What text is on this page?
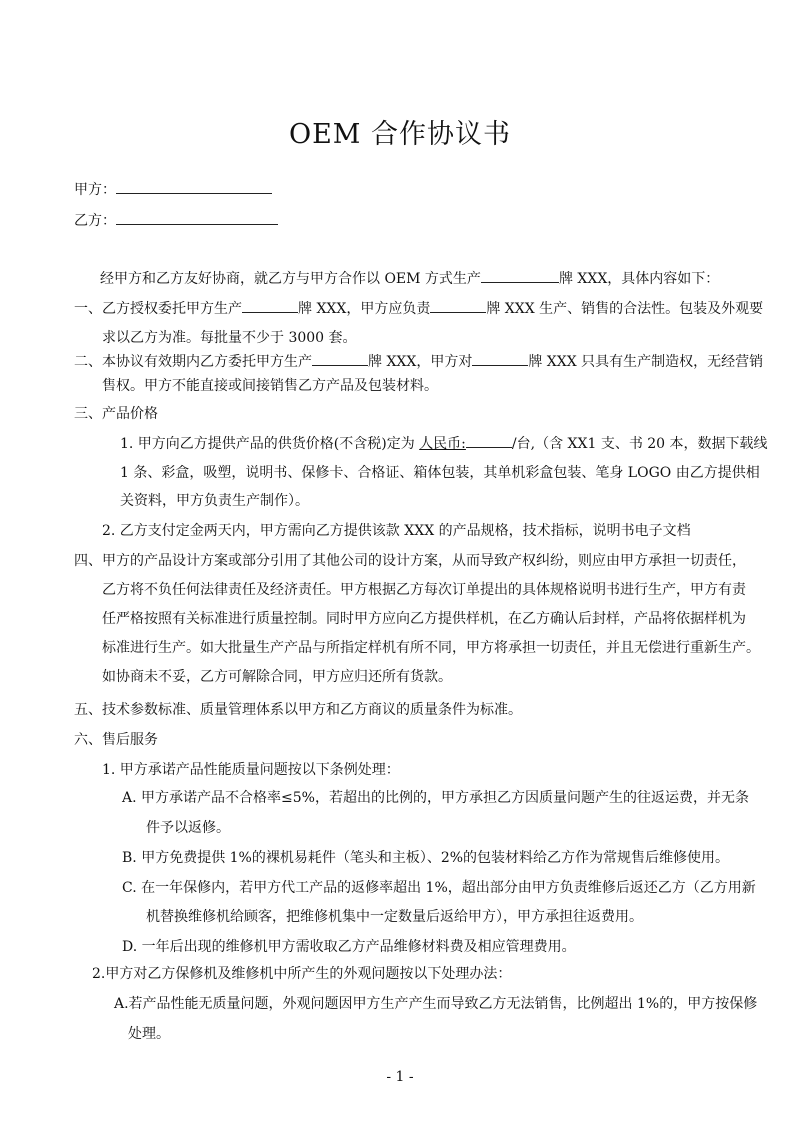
OEM 合作协议书
甲方：
乙方：
经甲方和乙方友好协商，就乙方与甲方合作以 OEM 方式生产	牌 XXX，具体内容如下：
一、乙方授权委托甲方生产	牌 XXX，甲方应负责	牌 XXX 生产、销售的合法性。包装及外观要
求以乙方为准。每批量不少于 3000 套。
二、本协议有效期内乙方委托甲方生产	牌 XXX，甲方对	牌 XXX 只具有生产制造权，无经营销
售权。甲方不能直接或间接销售乙方产品及包装材料。
三、产品价格
1. 甲方向乙方提供产品的供货价格(不含税)定为 人民币:	/台,（含 XX1 支、书 20 本，数据下载线
1 条、彩盒，吸塑，说明书、保修卡、合格证、箱体包装，其单机彩盒包装、笔身 LOGO 由乙方提供相
关资料，甲方负责生产制作）。
2. 乙方支付定金两天内，甲方需向乙方提供该款 XXX 的产品规格，技术指标，说明书电子文档
四、甲方的产品设计方案或部分引用了其他公司的设计方案，从而导致产权纠纷，则应由甲方承担一切责任，
乙方将不负任何法律责任及经济责任。甲方根据乙方每次订单提出的具体规格说明书进行生产，甲方有责
任严格按照有关标准进行质量控制。同时甲方应向乙方提供样机，在乙方确认后封样，产品将依据样机为
标准进行生产。如大批量生产产品与所指定样机有所不同，甲方将承担一切责任，并且无偿进行重新生产。
如协商未不妥，乙方可解除合同，甲方应归还所有货款。
五、技术参数标准、质量管理体系以甲方和乙方商议的质量条件为标准。
六、售后服务
1. 甲方承诺产品性能质量问题按以下条例处理：
A. 甲方承诺产品不合格率≤5%，若超出的比例的，甲方承担乙方因质量问题产生的往返运费，并无条
件予以返修。
B. 甲方免费提供 1%的裸机易耗件（笔头和主板）、2%的包装材料给乙方作为常规售后维修使用。
C. 在一年保修内，若甲方代工产品的返修率超出 1%，超出部分由甲方负责维修后返还乙方（乙方用新
机替换维修机给顾客，把维修机集中一定数量后返给甲方），甲方承担往返费用。
D. 一年后出现的维修机甲方需收取乙方产品维修材料费及相应管理费用。
2.甲方对乙方保修机及维修机中所产生的外观问题按以下处理办法：
A.若产品性能无质量问题，外观问题因甲方生产产生而导致乙方无法销售，比例超出 1%的，甲方按保修
处理。
- 1 -
